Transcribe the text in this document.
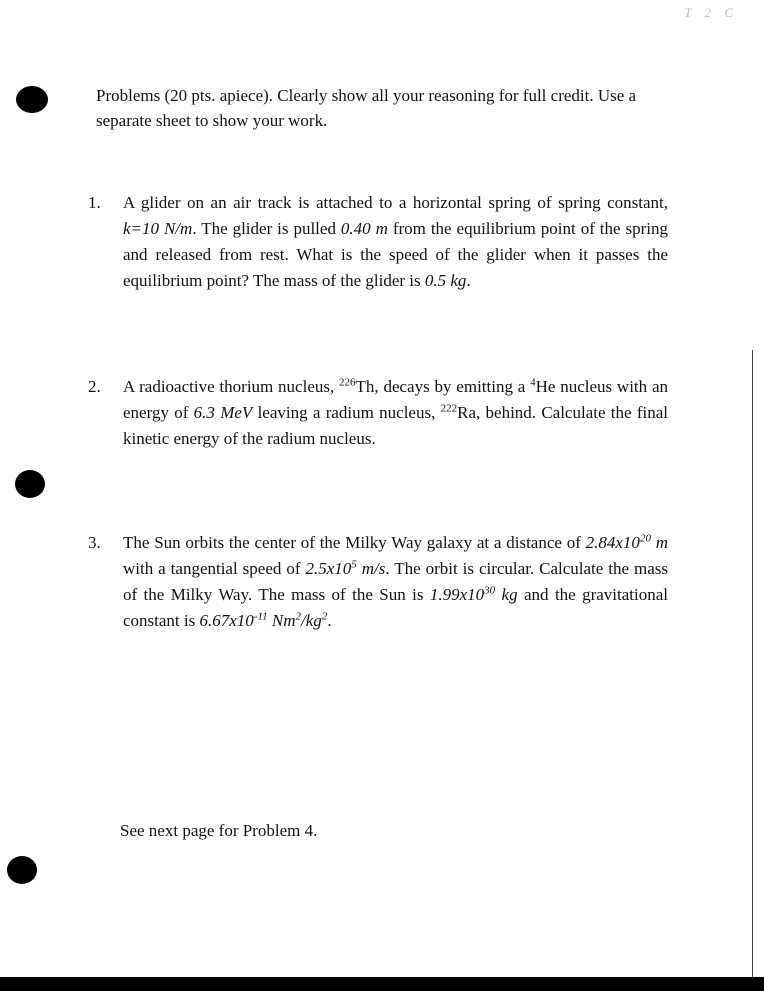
T 2 C
Problems (20 pts. apiece). Clearly show all your reasoning for full credit. Use a separate sheet to show your work.
1.	A glider on an air track is attached to a horizontal spring of spring constant, k=10 N/m. The glider is pulled 0.40 m from the equilibrium point of the spring and released from rest. What is the speed of the glider when it passes the equilibrium point? The mass of the glider is 0.5 kg.
2.	A radioactive thorium nucleus, $^{226}$Th, decays by emitting a $^4$He nucleus with an energy of 6.3 MeV leaving a radium nucleus, $^{222}$Ra, behind. Calculate the final kinetic energy of the radium nucleus.
3.	The Sun orbits the center of the Milky Way galaxy at a distance of $2.84x10^{20}$ m with a tangential speed of $2.5x10^5$ m/s. The orbit is circular. Calculate the mass of the Milky Way. The mass of the Sun is $1.99x10^{30}$ kg and the gravitational constant is $6.67x10^{-11}$ $Nm^2/kg^2$.
See next page for Problem 4.
